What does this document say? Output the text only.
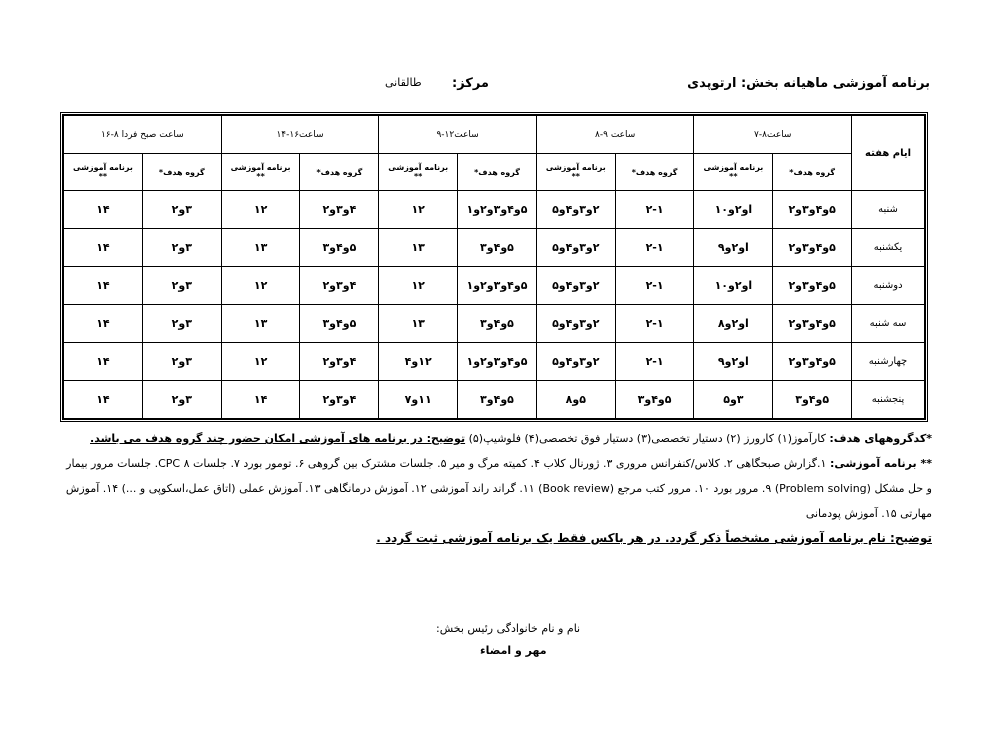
برنامه آموزشی ماهیانه بخش: ارتوپدی
مرکز:
طالقانی
ایام هفته	ساعت۸-۷		ساعت ۹-۸		ساعت۱۲-۹		ساعت۱۶-۱۴		ساعت صبح فردا ۸-۱۶	
	گروه هدف*	برنامه آموزشی **	گروه هدف*	برنامه آموزشی **	گروه هدف*	برنامه آموزشی **	گروه هدف*	برنامه آموزشی **	گروه هدف*	برنامه آموزشی **
شنبه	۵و۴و۳و۲	او۲و۱۰	۲-۱	۲و۳و۴و۵	۵و۴و۳و۲و۱	۱۲	۴و۳و۲	۱۲	۳و۲	۱۴
یکشنبه	۵و۴و۳و۲	او۲و۹	۲-۱	۲و۳و۴و۵	۵و۴و۳	۱۳	۵و۴و۳	۱۳	۳و۲	۱۴
دوشنبه	۵و۴و۳و۲	او۲و۱۰	۲-۱	۲و۳و۴و۵	۵و۴و۳و۲و۱	۱۲	۴و۳و۲	۱۲	۳و۲	۱۴
سه شنبه	۵و۴و۳و۲	او۲و۸	۲-۱	۲و۳و۴و۵	۵و۴و۳	۱۳	۵و۴و۳	۱۳	۳و۲	۱۴
چهارشنبه	۵و۴و۳و۲	او۲و۹	۲-۱	۲و۳و۴و۵	۵و۴و۳و۲و۱	۱۲و۴	۴و۳و۲	۱۲	۳و۲	۱۴
پنجشنبه	۵و۴و۳	۳و۵	۵و۴و۳	۵و۸	۵و۴و۳	۱۱و۷	۴و۳و۲	۱۴	۳و۲	۱۴

*کدگروههای هدف: کارآموز(۱) کارورز (۲) دستیار تخصصی(۳) دستیار فوق تخصصی(۴) فلوشیپ(۵) توضیح: در برنامه های آموزشی امکان حضور چند گروه هدف می باشد.

** برنامه آموزشی: ۱.گزارش صبحگاهی ۲. کلاس/کنفرانس مروری ۳. ژورنال کلاب ۴. کمیته مرگ و میر ۵. جلسات مشترک بین گروهی ۶. تومور بورد ۷. جلسات CPC ۸. جلسات مرور بیمار و حل مشکل (Problem solving) ۹. مرور بورد ۱۰. مرور کتب مرجع (Book review) ۱۱. گراند راند آموزشی ۱۲. آموزش درمانگاهی ۱۳. آموزش عملی (اتاق عمل،اسکوپی و ...) ۱۴. آموزش مهارتی ۱۵. آموزش پودمانی

توضیح: نام برنامه آموزشی مشخصاً ذکر گردد. در هر باکس فقط یک برنامه آموزشی ثبت گردد .

نام و نام خانوادگی رئیس بخش:
مهر و امضاء
